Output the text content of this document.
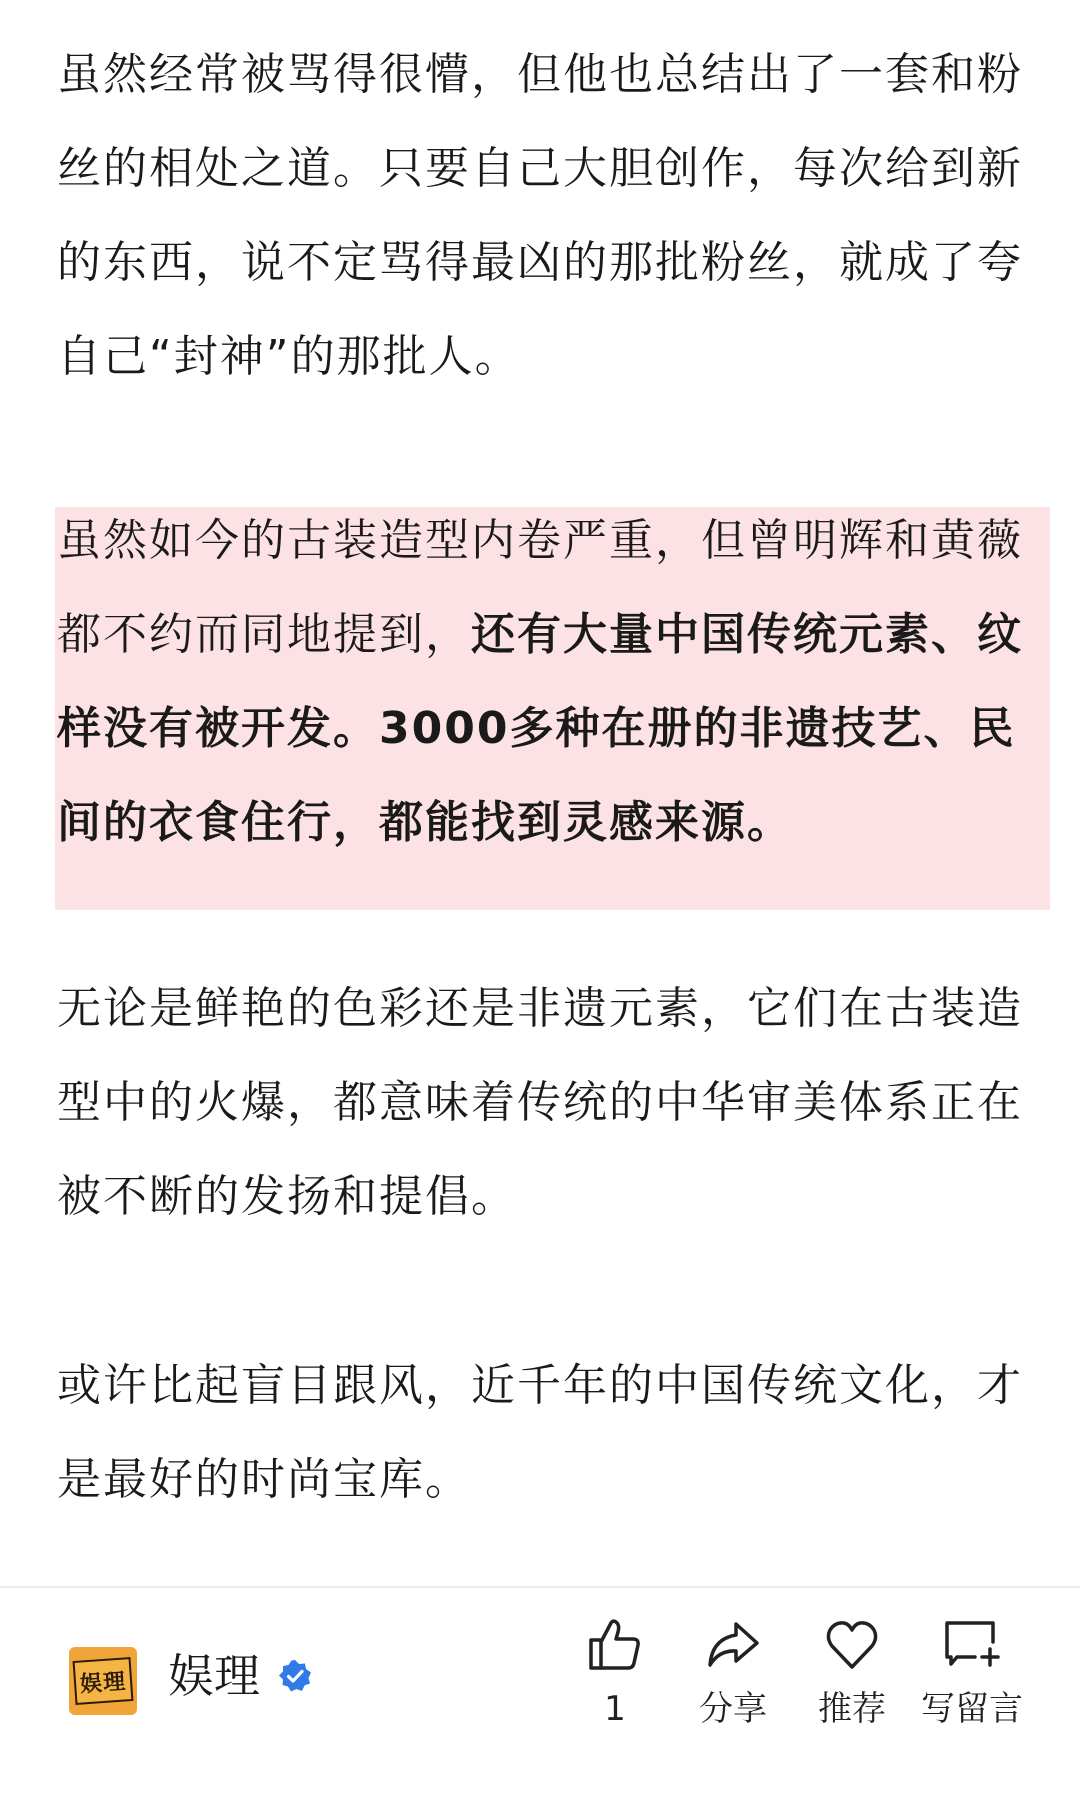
虽然经常被骂得很懵，但他也总结出了一套和粉丝的相处之道。只要自己大胆创作，每次给到新的东西，说不定骂得最凶的那批粉丝，就成了夸自己“封神”的那批人。

虽然如今的古装造型内卷严重，但曾明辉和黄薇都不约而同地提到，还有大量中国传统元素、纹样没有被开发。3000多种在册的非遗技艺、民间的衣食住行，都能找到灵感来源。

无论是鲜艳的色彩还是非遗元素，它们在古装造型中的火爆，都意味着传统的中华审美体系正在被不断的发扬和提倡。

或许比起盲目跟风，近千年的中国传统文化，才是最好的时尚宝库。

娱理 娱理
1	分享	推荐	写留言
